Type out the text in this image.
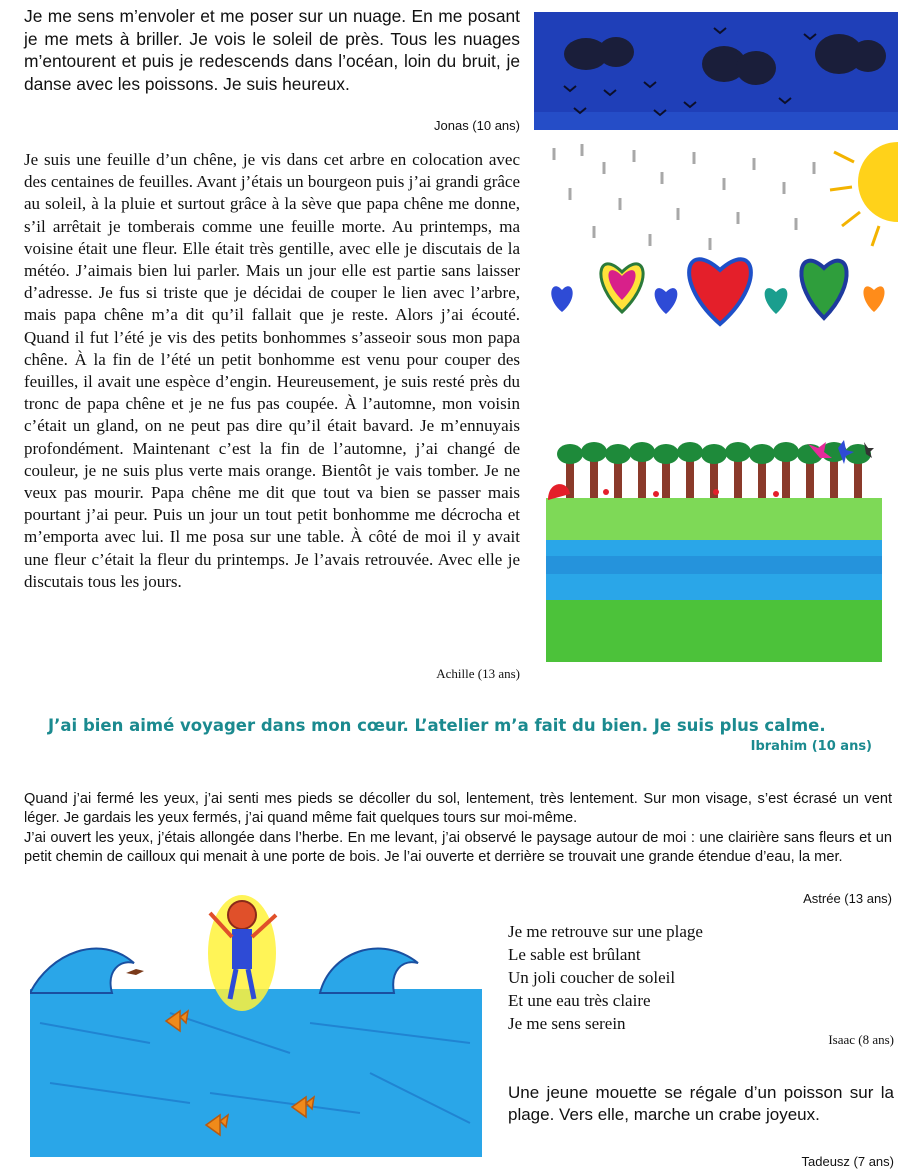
Je me sens m’envoler et me poser sur un nuage. En me posant je me mets à briller. Je vois le soleil de près. Tous les nuages m’entourent et puis je redescends dans l’océan, loin du bruit, je danse avec les poissons. Je suis heureux.

Jonas (10 ans)

Je suis une feuille d’un chêne, je vis dans cet arbre en colocation avec des centaines de feuilles. Avant j’étais un bourgeon puis j’ai grandi grâce au soleil, à la pluie et surtout grâce à la sève que papa chêne me donne, s’il arrêtait je tomberais comme une feuille morte. Au printemps, ma voisine était une fleur. Elle était très gentille, avec elle je discutais de la météo. J’aimais bien lui parler. Mais un jour elle est partie sans laisser d’adresse. Je fus si triste que je décidai de couper le lien avec l’arbre, mais papa chêne m’a dit qu’il fallait que je reste. Alors j’ai écouté. Quand il fut l’été je vis des petits bonhommes s’asseoir sous mon papa chêne. À la fin de l’été un petit bonhomme est venu pour couper des feuilles, il avait une espèce d’engin. Heureusement, je suis resté près du tronc de papa chêne et je ne fus pas coupée. À l’automne, mon voisin c’était un gland, on ne peut pas dire qu’il était bavard. Je m’ennuyais profondément. Maintenant c’est la fin de l’automne, j’ai changé de couleur, je ne suis plus verte mais orange. Bientôt je vais tomber. Je ne veux pas mourir. Papa chêne me dit que tout va bien se passer mais pourtant j’ai peur. Puis un jour un tout petit bonhomme me décrocha et m’emporta avec lui. Il me posa sur une table. À côté de moi il y avait une fleur c’était la fleur du printemps. Je l’avais retrouvée. Avec elle je discutais tous les jours.

Achille (13 ans)

J’ai bien aimé voyager dans mon cœur. L’atelier m’a fait du bien. Je suis plus calme.

Ibrahim (10 ans)

Quand j’ai fermé les yeux, j’ai senti mes pieds se décoller du sol, lentement, très lentement. Sur mon visage, s’est écrasé un vent léger. Je gardais les yeux fermés, j’ai quand même fait quelques tours sur moi-même.

J’ai ouvert les yeux, j’étais allongée dans l’herbe. En me levant, j’ai observé le paysage autour de moi : une clairière sans fleurs et un petit chemin de cailloux qui menait à une porte de bois. Je l’ai ouverte et derrière se trouvait une grande étendue d’eau, la mer.

Astrée (13 ans)

Je me retrouve sur une plage

Le sable est brûlant

Un joli coucher de soleil

Et une eau très claire

Je me sens serein

Isaac (8 ans)

Une jeune mouette se régale d’un poisson sur la plage. Vers elle, marche un crabe joyeux.

Tadeusz (7 ans)
